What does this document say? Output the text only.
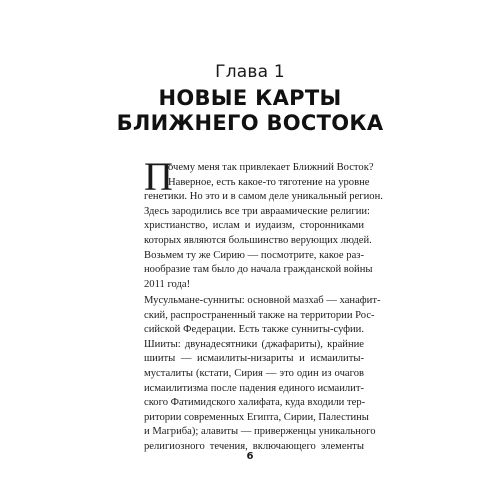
Глава 1
НОВЫЕ КАРТЫ
БЛИЖНЕГО ВОСТОКА
П
очему меня так привлекает Ближний Восток?
Наверное, есть какое-то тяготение на уровне
генетики. Но это и в самом деле уникальный регион.
Здесь зародились все три авраамические религии:
христианство, ислам и иудаизм, сторонниками
которых являются большинство верующих людей.
Возьмем ту же Сирию — посмотрите, какое раз-
нообразие там было до начала гражданской войны
2011 года!
Мусульмане-сунниты: основной мазхаб — ханафит-
ский, распространенный также на территории Рос-
сийской Федерации. Есть также сунниты-суфии.
Шииты: двунадесятники (джафариты), крайние
шииты — исмаилиты-низариты и исмаилиты-
мусталиты (кстати, Сирия — это один из очагов
исмаилитизма после падения единого исмаилит-
ского Фатимидского халифата, куда входили тер-
ритории современных Египта, Сирии, Палестины
и Магриба); алавиты — приверженцы уникального
религиозного течения, включающего элементы
6
